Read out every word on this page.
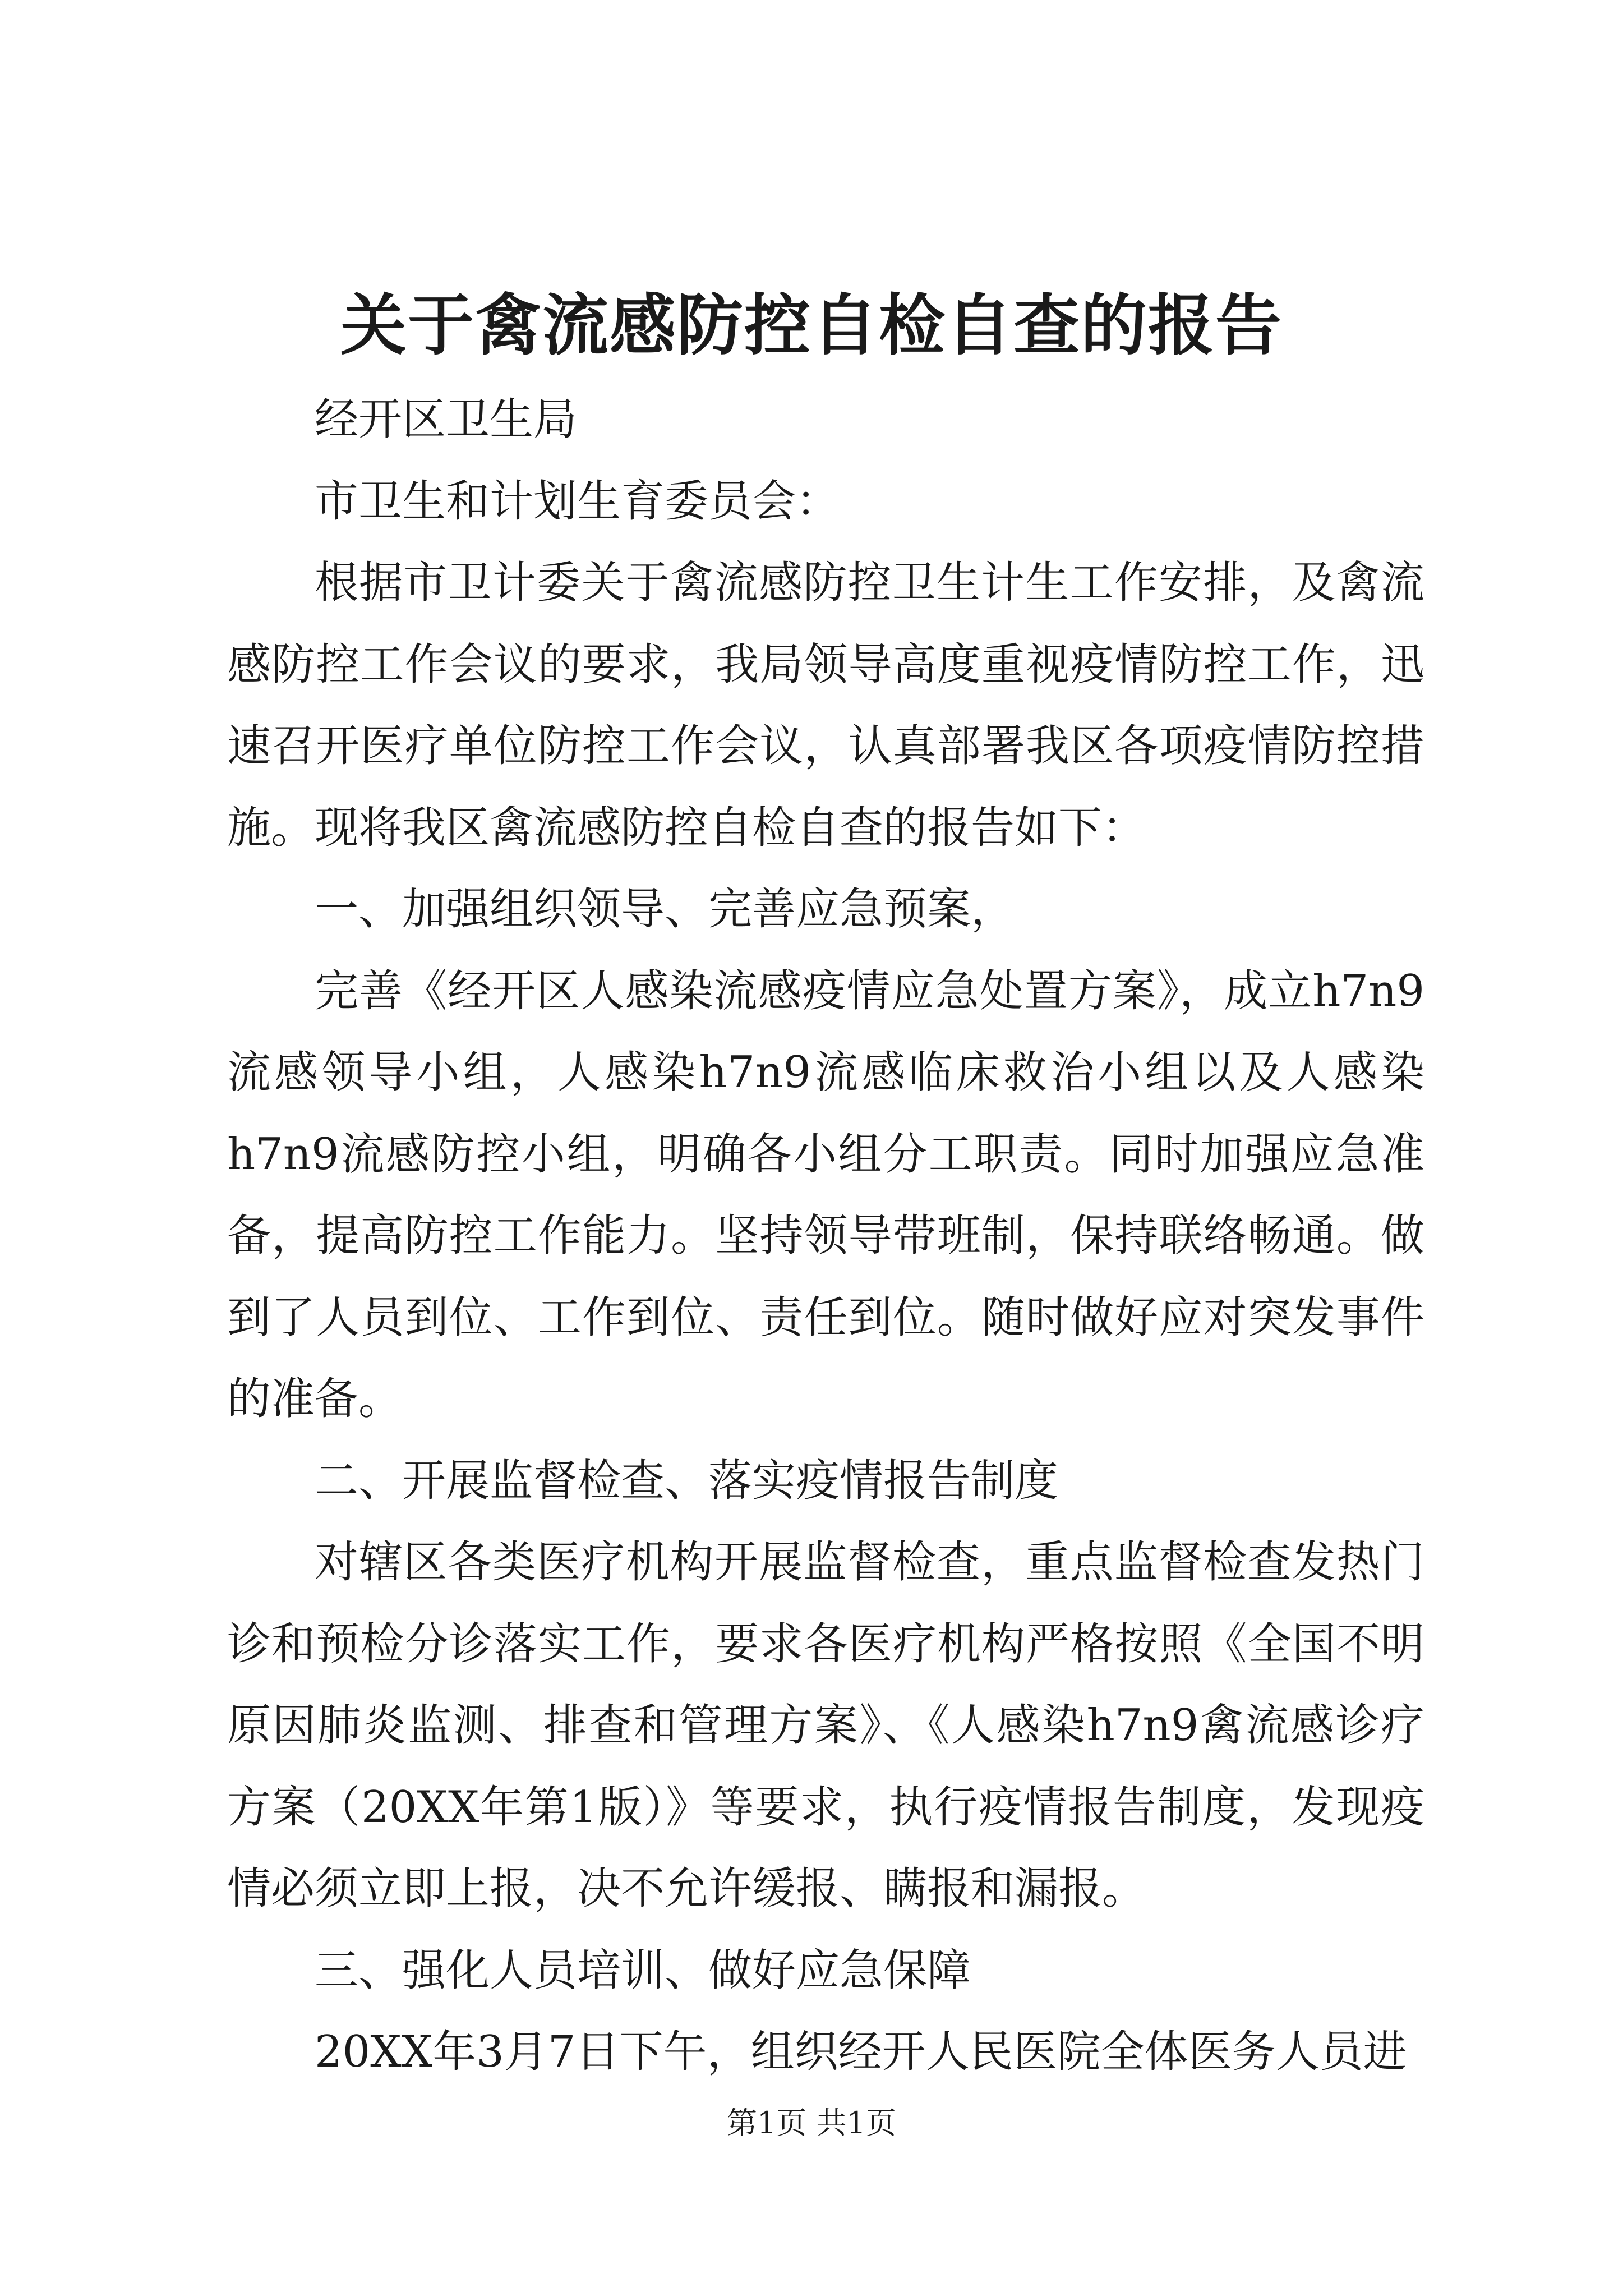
关于禽流感防控自检自查的报告

经开区卫生局

市卫生和计划生育委员会：

根据市卫计委关于禽流感防控卫生计生工作安排，及禽流感防控工作会议的要求，我局领导高度重视疫情防控工作，迅速召开医疗单位防控工作会议，认真部署我区各项疫情防控措施。现将我区禽流感防控自检自查的报告如下：

一、加强组织领导、完善应急预案，

完善《经开区人感染流感疫情应急处置方案》，成立h7n9流感领导小组，人感染h7n9流感临床救治小组以及人感染h7n9流感防控小组，明确各小组分工职责。同时加强应急准备，提高防控工作能力。坚持领导带班制，保持联络畅通。做到了人员到位、工作到位、责任到位。随时做好应对突发事件的准备。

二、开展监督检查、落实疫情报告制度

对辖区各类医疗机构开展监督检查，重点监督检查发热门诊和预检分诊落实工作，要求各医疗机构严格按照《全国不明原因肺炎监测、排查和管理方案》、《人感染h7n9禽流感诊疗方案（20XX年第1版）》等要求，执行疫情报告制度，发现疫情必须立即上报，决不允许缓报、瞒报和漏报。

三、强化人员培训、做好应急保障

20XX年3月7日下午，组织经开人民医院全体医务人员进

第1页 共1页
